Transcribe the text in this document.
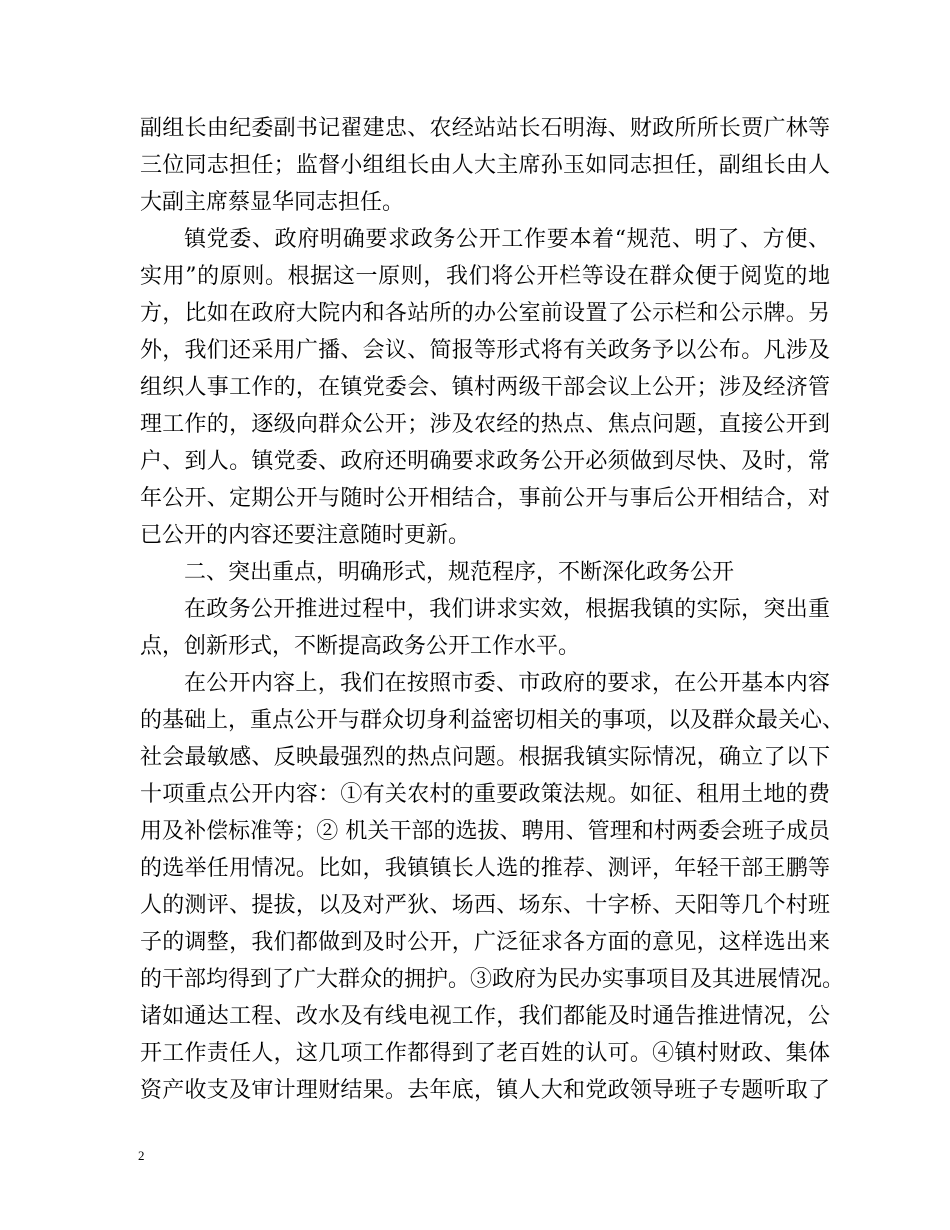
副组长由纪委副书记翟建忠、农经站站长石明海、财政所所长贾广林等
三位同志担任；监督小组组长由人大主席孙玉如同志担任，副组长由人
大副主席蔡显华同志担任。
镇党委、政府明确要求政务公开工作要本着“规范、明了、方便、
实用”的原则。根据这一原则，我们将公开栏等设在群众便于阅览的地
方，比如在政府大院内和各站所的办公室前设置了公示栏和公示牌。另
外，我们还采用广播、会议、简报等形式将有关政务予以公布。凡涉及
组织人事工作的，在镇党委会、镇村两级干部会议上公开；涉及经济管
理工作的，逐级向群众公开；涉及农经的热点、焦点问题，直接公开到
户、到人。镇党委、政府还明确要求政务公开必须做到尽快、及时，常
年公开、定期公开与随时公开相结合，事前公开与事后公开相结合，对
已公开的内容还要注意随时更新。
二、突出重点，明确形式，规范程序，不断深化政务公开
在政务公开推进过程中，我们讲求实效，根据我镇的实际，突出重
点，创新形式，不断提高政务公开工作水平。
在公开内容上，我们在按照市委、市政府的要求，在公开基本内容
的基础上，重点公开与群众切身利益密切相关的事项，以及群众最关心、
社会最敏感、反映最强烈的热点问题。根据我镇实际情况，确立了以下
十项重点公开内容：①有关农村的重要政策法规。如征、租用土地的费
用及补偿标准等；② 机关干部的选拔、聘用、管理和村两委会班子成员
的选举任用情况。比如，我镇镇长人选的推荐、测评，年轻干部王鹏等
人的测评、提拔，以及对严狄、场西、场东、十字桥、天阳等几个村班
子的调整，我们都做到及时公开，广泛征求各方面的意见，这样选出来
的干部均得到了广大群众的拥护。③政府为民办实事项目及其进展情况。
诸如通达工程、改水及有线电视工作，我们都能及时通告推进情况，公
开工作责任人，这几项工作都得到了老百姓的认可。④镇村财政、集体
资产收支及审计理财结果。去年底，镇人大和党政领导班子专题听取了
2
